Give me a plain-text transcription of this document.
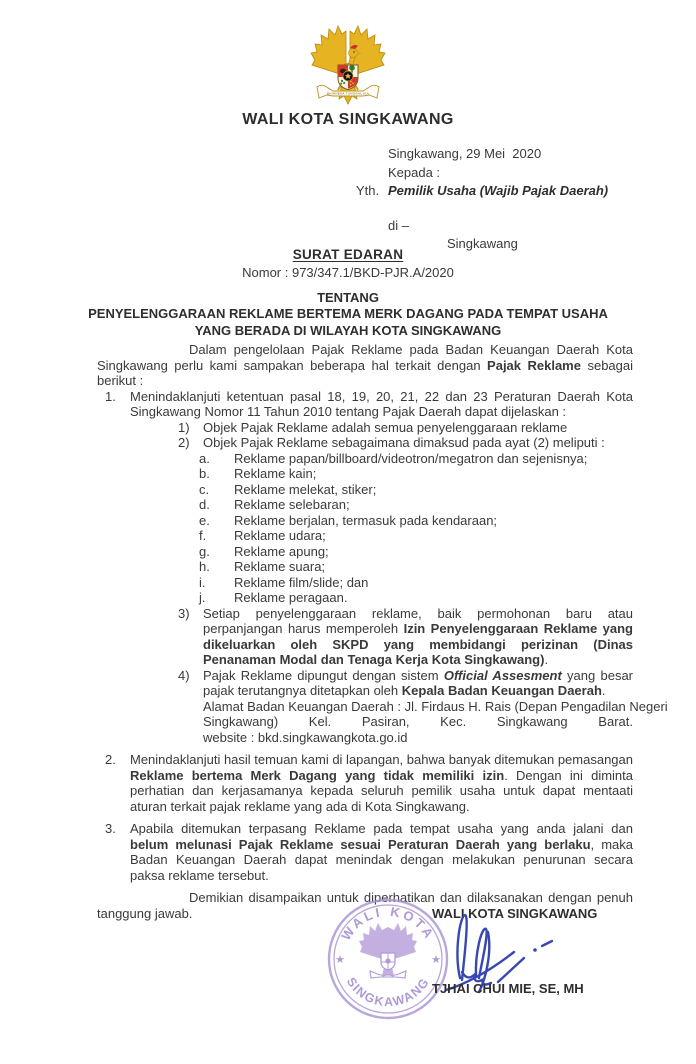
BHINNEKA TUNGGAL IKA
WALI KOTA SINGKAWANG
Singkawang, 29 Mei  2020
Kepada :
Yth. Pemilik Usaha (Wajib Pajak Daerah)
di –
Singkawang
SURAT EDARAN
Nomor : 973/347.1/BKD-PJR.A/2020
TENTANG
PENYELENGGARAAN REKLAME BERTEMA MERK DAGANG PADA TEMPAT USAHA
YANG BERADA DI WILAYAH KOTA SINGKAWANG
Dalam pengelolaan Pajak Reklame pada Badan Keuangan Daerah Kota Singkawang perlu kami sampakan beberapa hal terkait dengan Pajak Reklame sebagai berikut :
1. Menindaklanjuti ketentuan pasal 18, 19, 20, 21, 22 dan 23 Peraturan Daerah Kota Singkawang Nomor 11 Tahun 2010 tentang Pajak Daerah dapat dijelaskan :
1) Objek Pajak Reklame adalah semua penyelenggaraan reklame
2) Objek Pajak Reklame sebagaimana dimaksud pada ayat (2) meliputi :
a. Reklame papan/billboard/videotron/megatron dan sejenisnya;
b. Reklame kain;
c. Reklame melekat, stiker;
d. Reklame selebaran;
e. Reklame berjalan, termasuk pada kendaraan;
f. Reklame udara;
g. Reklame apung;
h. Reklame suara;
i. Reklame film/slide; dan
j. Reklame peragaan.
3) Setiap penyelenggaraan reklame, baik permohonan baru atau perpanjangan harus memperoleh Izin Penyelenggaraan Reklame yang dikeluarkan oleh SKPD yang membidangi perizinan (Dinas Penanaman Modal dan Tenaga Kerja Kota Singkawang).
4) Pajak Reklame dipungut dengan sistem Official Assesment yang besar pajak terutangnya ditetapkan oleh Kepala Badan Keuangan Daerah.
Alamat Badan Keuangan Daerah : Jl. Firdaus H. Rais (Depan Pengadilan Negeri
Singkawang) Kel. Pasiran, Kec. Singkawang Barat.
website : bkd.singkawangkota.go.id
2. Menindaklanjuti hasil temuan kami di lapangan, bahwa banyak ditemukan pemasangan Reklame bertema Merk Dagang yang tidak memiliki izin. Dengan ini diminta perhatian dan kerjasamanya kepada seluruh pemilik usaha untuk dapat mentaati aturan terkait pajak reklame yang ada di Kota Singkawang.
3. Apabila ditemukan terpasang Reklame pada tempat usaha yang anda jalani dan belum melunasi Pajak Reklame sesuai Peraturan Daerah yang berlaku, maka Badan Keuangan Daerah dapat menindak dengan melakukan penurunan secara paksa reklame tersebut.
Demikian disampaikan untuk diperhatikan dan dilaksanakan dengan penuh tanggung jawab.
WALI KOTA
SINGKAWANG
★	★
WALI KOTA SINGKAWANG
TJHAI CHUI MIE, SE, MH
